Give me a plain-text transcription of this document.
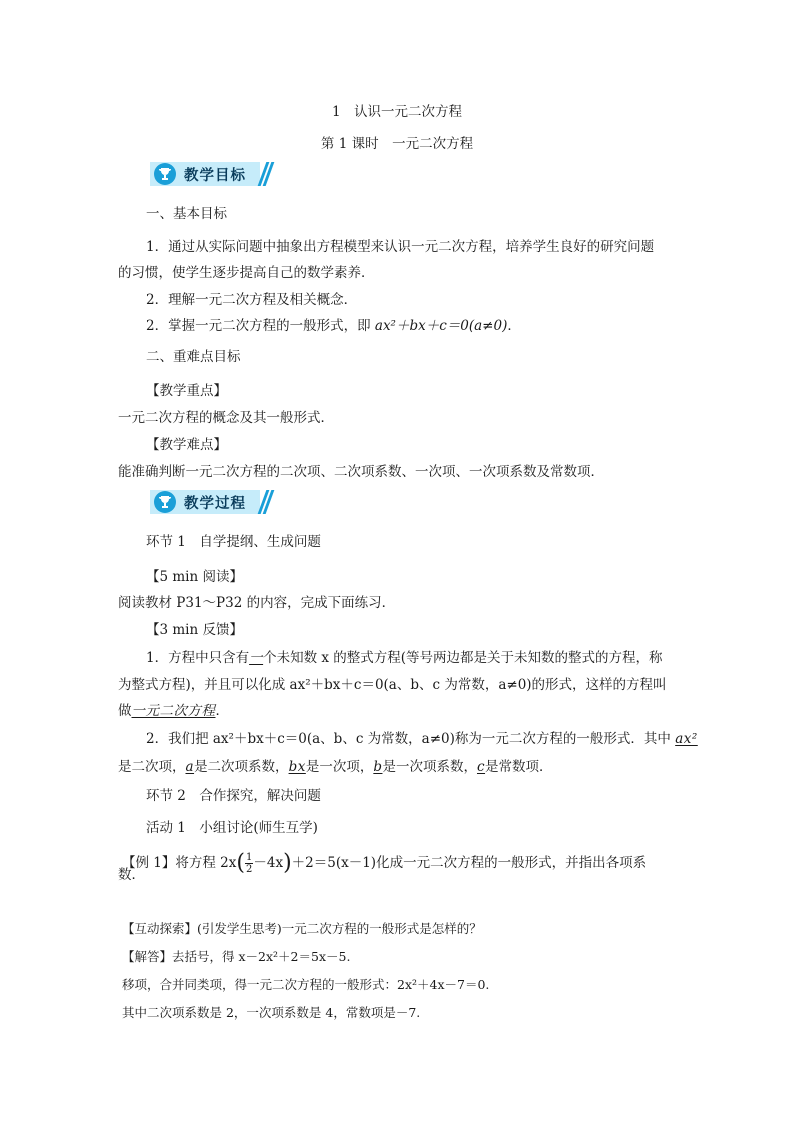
1　认识一元二次方程
第 1 课时　一元二次方程
教学目标
一、基本目标
1．通过从实际问题中抽象出方程模型来认识一元二次方程，培养学生良好的研究问题
的习惯，使学生逐步提高自己的数学素养．
2．理解一元二次方程及相关概念．
2．掌握一元二次方程的一般形式，即 ax²＋bx＋c＝0(a≠0)．
二、重难点目标
【教学重点】
一元二次方程的概念及其一般形式．
【教学难点】
能准确判断一元二次方程的二次项、二次项系数、一次项、一次项系数及常数项．
教学过程
环节 1　自学提纲、生成问题
【5 min 阅读】
阅读教材 P31～P32 的内容，完成下面练习．
【3 min 反馈】
1．方程中只含有一个未知数 x 的整式方程(等号两边都是关于未知数的整式的方程，称
为整式方程)，并且可以化成 ax²＋bx＋c＝0(a、b、c 为常数，a≠0)的形式，这样的方程叫
做一元二次方程．
2．我们把 ax²＋bx＋c＝0(a、b、c 为常数，a≠0)称为一元二次方程的一般形式．其中 ax²
是二次项，a是二次项系数，bx是一次项，b是一次项系数，c是常数项．
环节 2　合作探究，解决问题
活动 1　小组讨论(师生互学)
【例 1】将方程 $2x( \frac{1}{2} -4x)+2=5(x-1)$化成一元二次方程的一般形式，并指出各项系
数．
【互动探索】(引发学生思考)一元二次方程的一般形式是怎样的？
【解答】去括号，得 x－2x²＋2＝5x－5.
移项，合并同类项，得一元二次方程的一般形式：2x²＋4x－7＝0.
其中二次项系数是 2，一次项系数是 4，常数项是－7.
